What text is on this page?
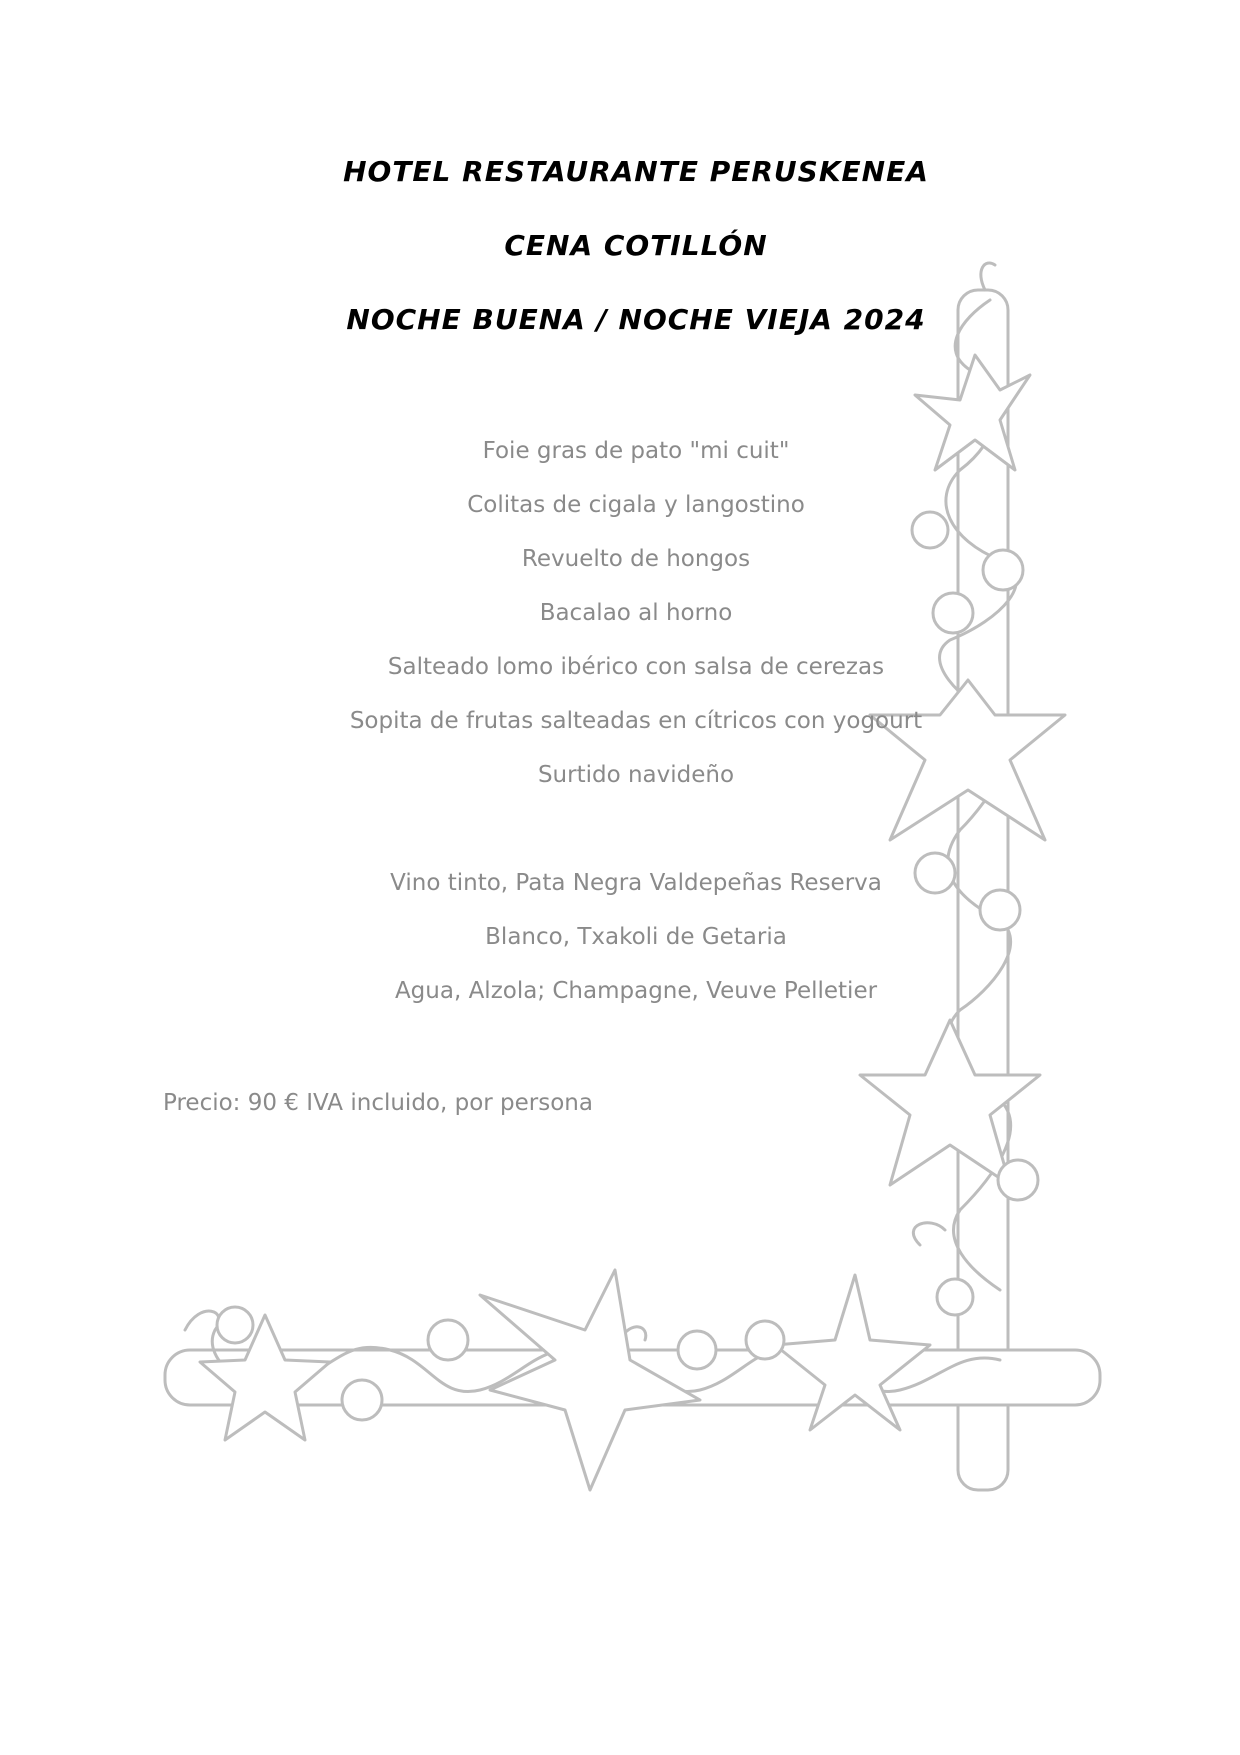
HOTEL RESTAURANTE PERUSKENEA
CENA COTILLÓN
NOCHE BUENA / NOCHE VIEJA 2024

Foie gras de pato "mi cuit"

Colitas de cigala y langostino

Revuelto de hongos

Bacalao al horno

Salteado lomo ibérico con salsa de cerezas

Sopita de frutas salteadas en cítricos con yogourt

Surtido navideño

Vino tinto, Pata Negra Valdepeñas Reserva

Blanco, Txakoli de Getaria

Agua, Alzola; Champagne, Veuve Pelletier

Precio: 90 € IVA incluido, por persona
